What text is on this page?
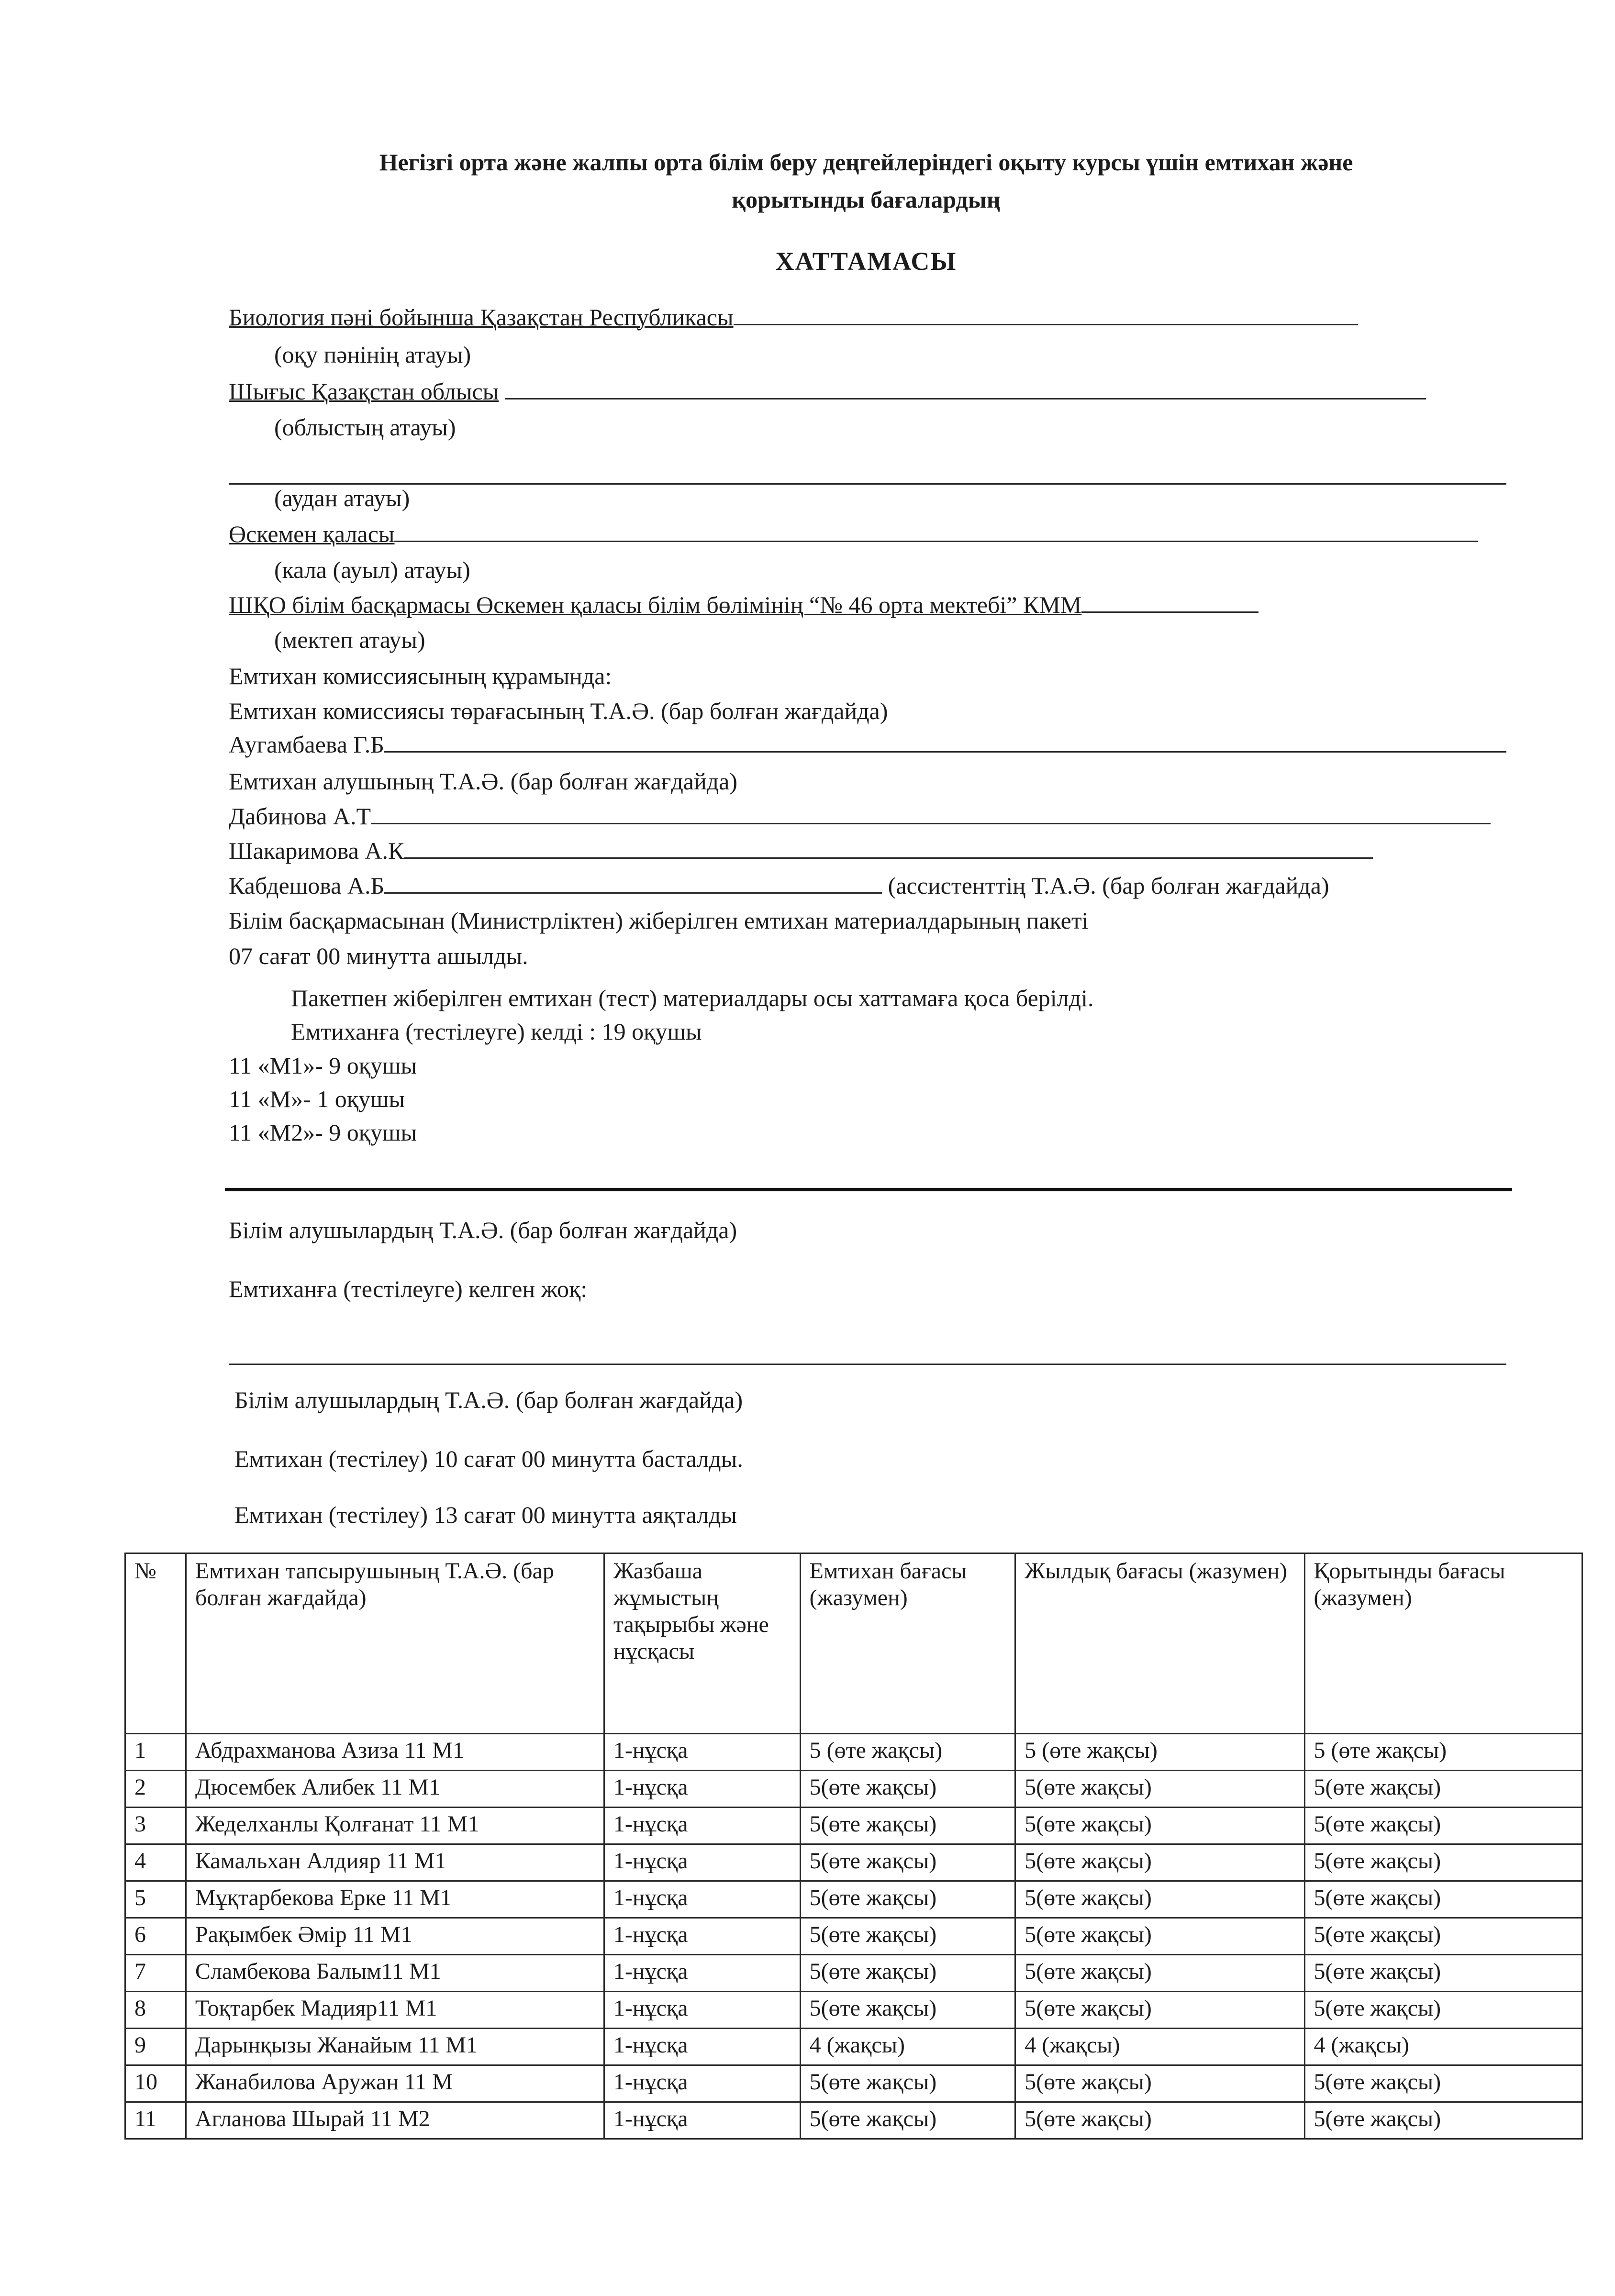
Негізгі орта және жалпы орта білім беру деңгейлеріндегі оқыту курсы үшін емтихан және
қорытынды бағалардың
ХАТТАМАСЫ
Биология пәні бойынша Қазақстан Республикасы
(оқу пәнінің атауы)
Шығыс Қазақстан облысы
(облыстың атауы)
(аудан атауы)
Өскемен қаласы
(кала (ауыл) атауы)
ШҚО білім басқармасы Өскемен қаласы білім бөлімінің “№ 46 орта мектебі” КММ
(мектеп атауы)
Емтихан комиссиясының құрамында:
Емтихан комиссиясы төрағасының Т.А.Ә. (бар болған жағдайда)
Аугамбаева Г.Б
Емтихан алушының Т.А.Ә. (бар болған жағдайда)
Дабинова А.Т
Шакаримова А.К
Кабдешова А.Б	(ассистенттің Т.А.Ә. (бар болған жағдайда)
Білім басқармасынан (Министрліктен) жіберілген емтихан материалдарының пакеті
07 сағат 00 минутта ашылды.
Пакетпен жіберілген емтихан (тест) материалдары осы хаттамаға қоса берілді.
Емтиханға (тестілеуге) келді : 19 оқушы
11 «М1»- 9 оқушы
11 «М»- 1 оқушы
11 «М2»- 9 оқушы
Білім алушылардың Т.А.Ә. (бар болған жағдайда)
Емтиханға (тестілеуге) келген жоқ:
Білім алушылардың Т.А.Ә. (бар болған жағдайда)
Емтихан (тестілеу) 10 сағат 00 минутта басталды.
Емтихан (тестілеу) 13 сағат 00 минутта аяқталды
№	Емтихан тапсырушының Т.А.Ә. (бар болған жағдайда)	Жазбаша жұмыстың тақырыбы және нұсқасы	Емтихан бағасы (жазумен)	Жылдық бағасы (жазумен)	Қорытынды бағасы (жазумен)
1	Абдрахманова Азиза 11 М1	1-нұсқа	5 (өте жақсы)	5 (өте жақсы)	5 (өте жақсы)
2	Дюсембек Алибек 11 М1	1-нұсқа	5(өте жақсы)	5(өте жақсы)	5(өте жақсы)
3	Жеделханлы Қолғанат 11 М1	1-нұсқа	5(өте жақсы)	5(өте жақсы)	5(өте жақсы)
4	Камальхан Алдияр 11 М1	1-нұсқа	5(өте жақсы)	5(өте жақсы)	5(өте жақсы)
5	Мұқтарбекова Ерке 11 М1	1-нұсқа	5(өте жақсы)	5(өте жақсы)	5(өте жақсы)
6	Рақымбек Әмір 11 М1	1-нұсқа	5(өте жақсы)	5(өте жақсы)	5(өте жақсы)
7	Сламбекова Балым11 М1	1-нұсқа	5(өте жақсы)	5(өте жақсы)	5(өте жақсы)
8	Тоқтарбек Мадияр11 М1	1-нұсқа	5(өте жақсы)	5(өте жақсы)	5(өте жақсы)
9	Дарынқызы Жанайым 11 М1	1-нұсқа	4 (жақсы)	4 (жақсы)	4 (жақсы)
10	Жанабилова Аружан 11 М	1-нұсқа	5(өте жақсы)	5(өте жақсы)	5(өте жақсы)
11	Агланова Шырай 11 М2	1-нұсқа	5(өте жақсы)	5(өте жақсы)	5(өте жақсы)
